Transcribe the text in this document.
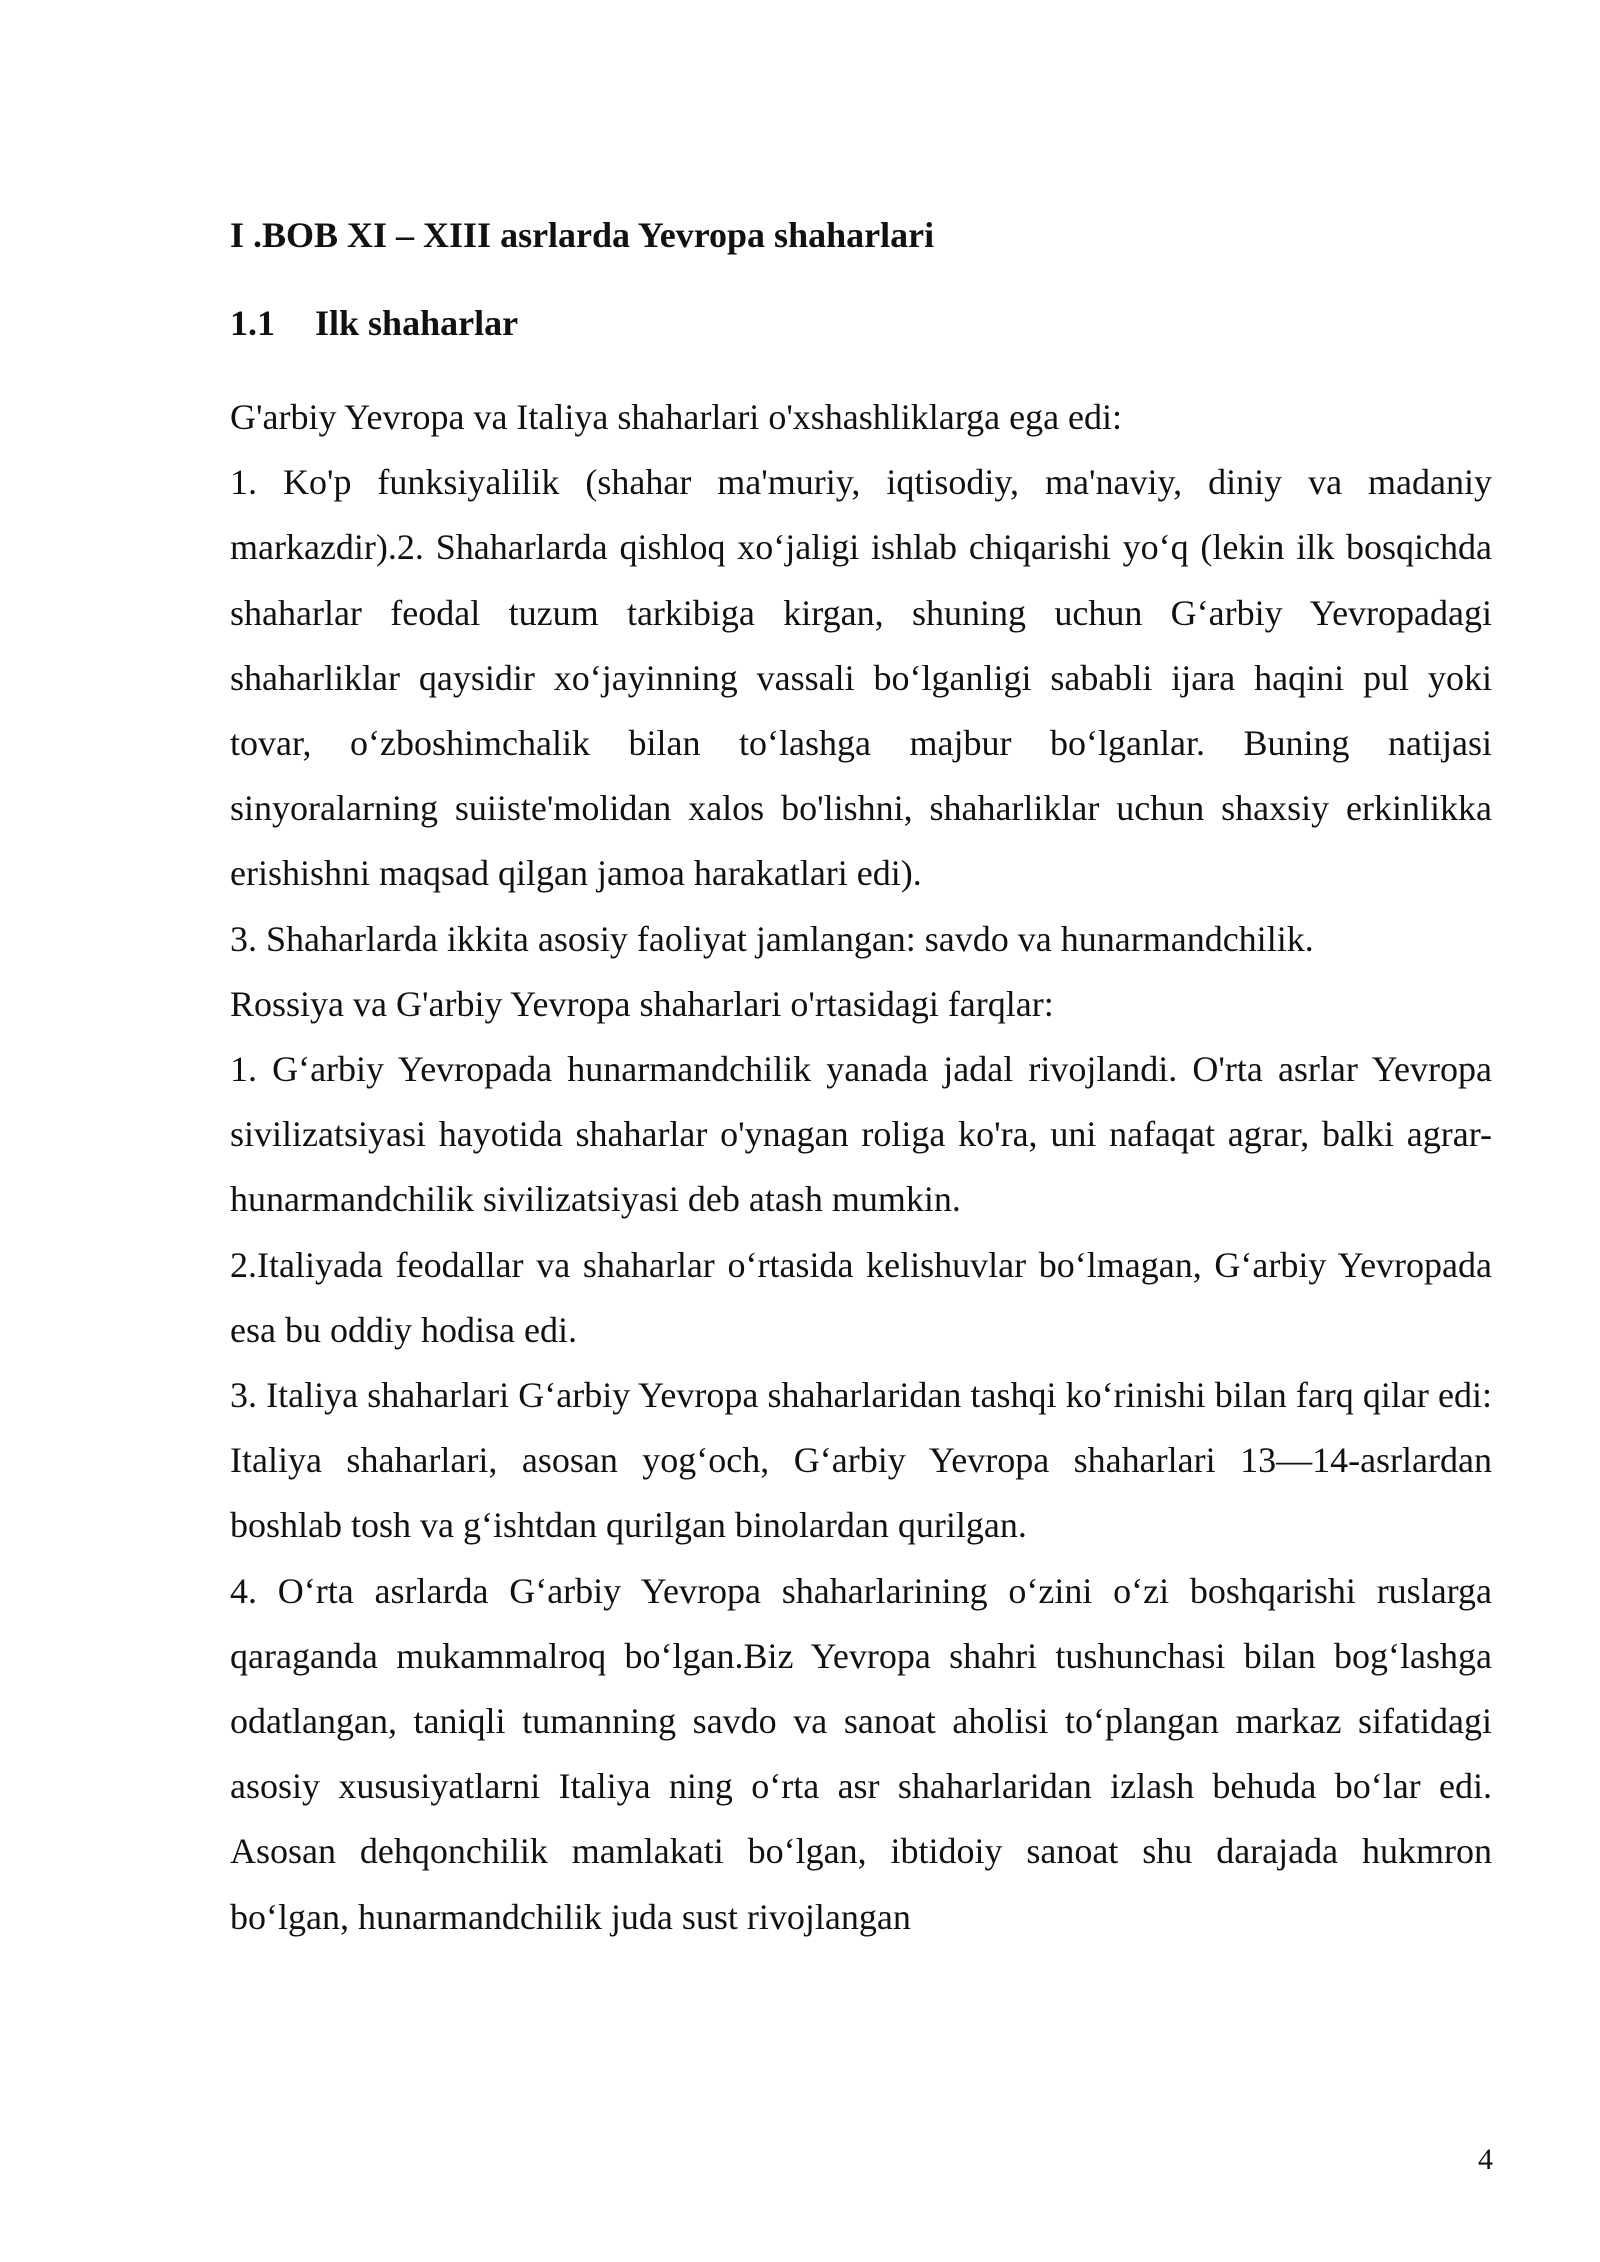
I .BOB XI – XIII asrlarda Yevropa shaharlari
1.1	Ilk shaharlar

G'arbiy Yevropa va Italiya shaharlari o'xshashliklarga ega edi:

1. Ko'p funksiyalilik (shahar ma'muriy, iqtisodiy, ma'naviy, diniy va madaniy markazdir).2. Shaharlarda qishloq xo‘jaligi ishlab chiqarishi yo‘q (lekin ilk bosqichda shaharlar feodal tuzum tarkibiga kirgan, shuning uchun G‘arbiy Yevropadagi shaharliklar qaysidir xo‘jayinning vassali bo‘lganligi sababli ijara haqini pul yoki tovar, o‘zboshimchalik bilan to‘lashga majbur bo‘lganlar. Buning natijasi sinyoralarning suiiste'molidan xalos bo'lishni, shaharliklar uchun shaxsiy erkinlikka erishishni maqsad qilgan jamoa harakatlari edi).

3. Shaharlarda ikkita asosiy faoliyat jamlangan: savdo va hunarmandchilik.

Rossiya va G'arbiy Yevropa shaharlari o'rtasidagi farqlar:

1. G‘arbiy Yevropada hunarmandchilik yanada jadal rivojlandi. O'rta asrlar Yevropa sivilizatsiyasi hayotida shaharlar o'ynagan roliga ko'ra, uni nafaqat agrar, balki agrar-hunarmandchilik sivilizatsiyasi deb atash mumkin.

2.Italiyada feodallar va shaharlar o‘rtasida kelishuvlar bo‘lmagan, G‘arbiy Yevropada esa bu oddiy hodisa edi.

3. Italiya shaharlari G‘arbiy Yevropa shaharlaridan tashqi ko‘rinishi bilan farq qilar edi: Italiya shaharlari, asosan yog‘och, G‘arbiy Yevropa shaharlari 13—14-asrlardan boshlab tosh va g‘ishtdan qurilgan binolardan qurilgan.

4. O‘rta asrlarda G‘arbiy Yevropa shaharlarining o‘zini o‘zi boshqarishi ruslarga qaraganda mukammalroq bo‘lgan.Biz Yevropa shahri tushunchasi bilan bog‘lashga odatlangan, taniqli tumanning savdo va sanoat aholisi to‘plangan markaz sifatidagi asosiy xususiyatlarni Italiya ning o‘rta asr shaharlaridan izlash behuda bo‘lar edi. Asosan dehqonchilik mamlakati bo‘lgan, ibtidoiy sanoat shu darajada hukmron bo‘lgan, hunarmandchilik juda sust rivojlangan

4
